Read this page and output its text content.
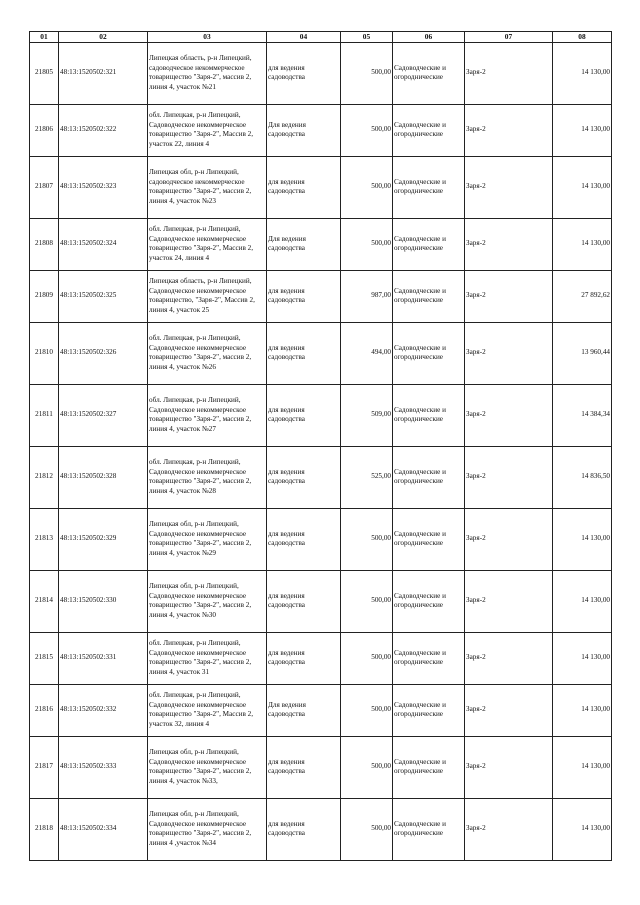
01	02	03	04	05	06	07	08
21805	48:13:1520502:321	Липецкая область, р-н Липецкий, садоводческое некоммерческое товарищество "Заря-2", массив 2, линия 4, участок №21	для ведения садоводства	500,00	Садоводческие и огороднические	Заря-2	14 130,00
21806	48:13:1520502:322	обл. Липецкая, р-н Липецкий, Садоводческое некоммерческое товарищество "Заря-2", Массив 2, участок 22, линия 4	Для ведения садоводства	500,00	Садоводческие и огороднические	Заря-2	14 130,00
21807	48:13:1520502:323	Липецкая обл, р-н Липецкий, садоводческое некоммерческое товарищество "Заря-2", массив 2, линия 4, участок №23	для ведения садоводства	500,00	Садоводческие и огороднические	Заря-2	14 130,00
21808	48:13:1520502:324	обл. Липецкая, р-н Липецкий, Садоводческое некоммерческое товарищество "Заря-2", Массив 2, участок 24, линия 4	Для ведения садоводства	500,00	Садоводческие и огороднические	Заря-2	14 130,00
21809	48:13:1520502:325	Липецкая область, р-н Липецкий, Садоводческое некоммерческое товарищество, "Заря-2", Массив 2, линия 4, участок 25	для ведения садоводства	987,00	Садоводческие и огороднические	Заря-2	27 892,62
21810	48:13:1520502:326	обл. Липецкая, р-н Липецкий, Садоводческое некоммерческое товарищество "Заря-2", массив 2, линия 4, участок №26	для ведения садоводства	494,00	Садоводческие и огороднические	Заря-2	13 960,44
21811	48:13:1520502:327	обл. Липецкая, р-н Липецкий, Садоводческое некоммерческое товарищество "Заря-2", массив 2, линия 4, участок №27	для ведения садоводства	509,00	Садоводческие и огороднические	Заря-2	14 384,34
21812	48:13:1520502:328	обл. Липецкая, р-н Липецкий, Садоводческое некоммерческое товарищество "Заря-2", массив 2, линия 4, участок №28	для ведения садоводства	525,00	Садоводческие и огороднические	Заря-2	14 836,50
21813	48:13:1520502:329	Липецкая обл, р-н Липецкий, Садоводческое некоммерческое товарищество "Заря-2", массив 2, линия 4, участок №29	для ведения садоводства	500,00	Садоводческие и огороднические	Заря-2	14 130,00
21814	48:13:1520502:330	Липецкая обл, р-н Липецкий, Садоводческое некоммерческое товарищество "Заря-2", массив 2, линия 4, участок №30	для ведения садоводства	500,00	Садоводческие и огороднические	Заря-2	14 130,00
21815	48:13:1520502:331	обл. Липецкая, р-н Липецкий, Садоводческое некоммерческое товарищество "Заря-2", массив 2, линия 4, участок 31	для ведения садоводства	500,00	Садоводческие и огороднические	Заря-2	14 130,00
21816	48:13:1520502:332	обл. Липецкая, р-н Липецкий, Садоводческое некоммерческое товарищество "Заря-2", Массив 2, участок 32, линия 4	Для ведения садоводства	500,00	Садоводческие и огороднические	Заря-2	14 130,00
21817	48:13:1520502:333	Липецкая обл, р-н Липецкий, Садоводческое некоммерческое товарищество "Заря-2", массив 2, линия 4, участок №33,	для ведения садоводства	500,00	Садоводческие и огороднические	Заря-2	14 130,00
21818	48:13:1520502:334	Липецкая обл, р-н Липецкий, Садоводческое некоммерческое товарищество "Заря-2", массив 2, линия 4 ,участок №34	для ведения садоводства	500,00	Садоводческие и огороднические	Заря-2	14 130,00
